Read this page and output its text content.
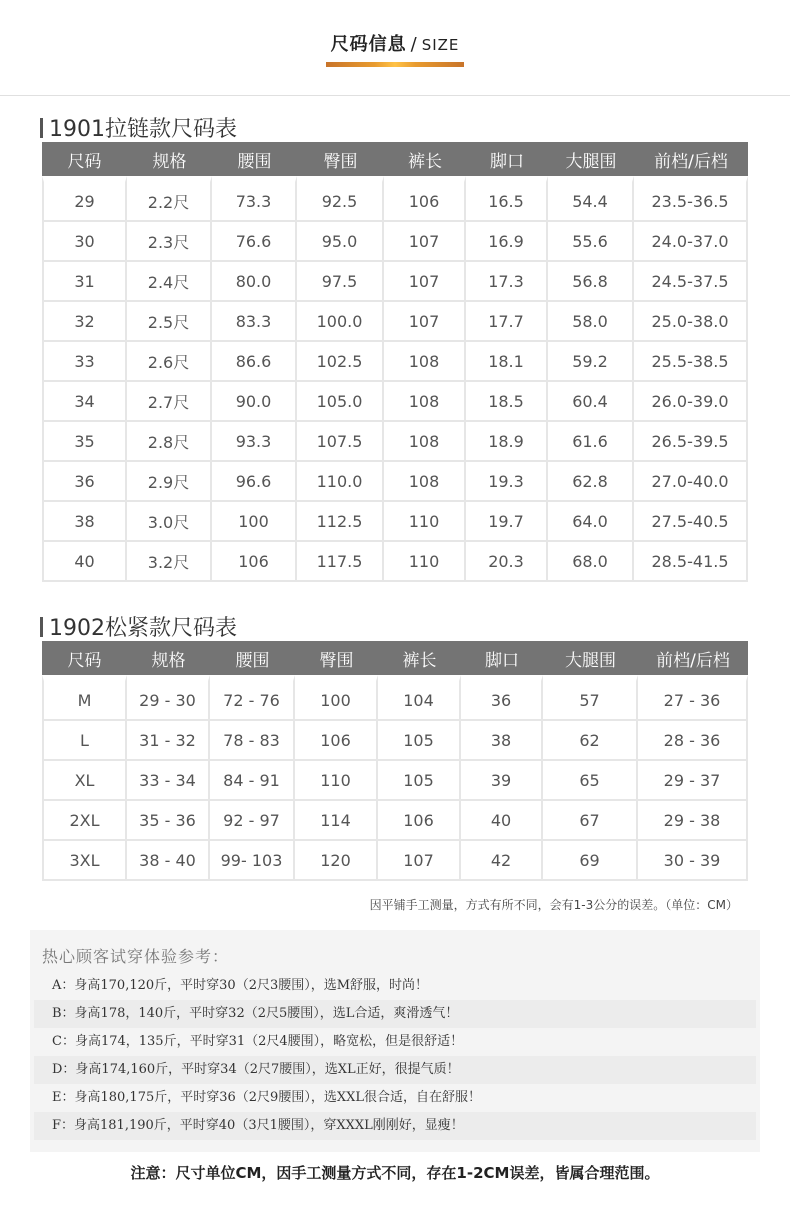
尺码信息 / SIZE
1901拉链款尺码表
尺码	规格	腰围	臀围	裤长	脚口	大腿围	前档/后档
29	2.2尺	73.3	92.5	106	16.5	54.4	23.5-36.5
30	2.3尺	76.6	95.0	107	16.9	55.6	24.0-37.0
31	2.4尺	80.0	97.5	107	17.3	56.8	24.5-37.5
32	2.5尺	83.3	100.0	107	17.7	58.0	25.0-38.0
33	2.6尺	86.6	102.5	108	18.1	59.2	25.5-38.5
34	2.7尺	90.0	105.0	108	18.5	60.4	26.0-39.0
35	2.8尺	93.3	107.5	108	18.9	61.6	26.5-39.5
36	2.9尺	96.6	110.0	108	19.3	62.8	27.0-40.0
38	3.0尺	100	112.5	110	19.7	64.0	27.5-40.5
40	3.2尺	106	117.5	110	20.3	68.0	28.5-41.5
1902松紧款尺码表
尺码	规格	腰围	臀围	裤长	脚口	大腿围	前档/后档
M	29 - 30	72 - 76	100	104	36	57	27 - 36
L	31 - 32	78 - 83	106	105	38	62	28 - 36
XL	33 - 34	84 - 91	110	105	39	65	29 - 37
2XL	35 - 36	92 - 97	114	106	40	67	29 - 38
3XL	38 - 40	99- 103	120	107	42	69	30 - 39
因平铺手工测量，方式有所不同，会有1-3公分的误差。（单位：CM）
热心顾客试穿体验参考：
A：身高170,120斤，平时穿30（2尺3腰围），选M舒服，时尚！
B：身高178，140斤，平时穿32（2尺5腰围），选L合适，爽滑透气！
C：身高174，135斤，平时穿31（2尺4腰围），略宽松，但是很舒适！
D：身高174,160斤，平时穿34（2尺7腰围），选XL正好，很提气质！
E：身高180,175斤，平时穿36（2尺9腰围），选XXL很合适，自在舒服！
F：身高181,190斤，平时穿40（3尺1腰围），穿XXXL刚刚好，显瘦！
注意：尺寸单位CM，因手工测量方式不同，存在1-2CM误差，皆属合理范围。
